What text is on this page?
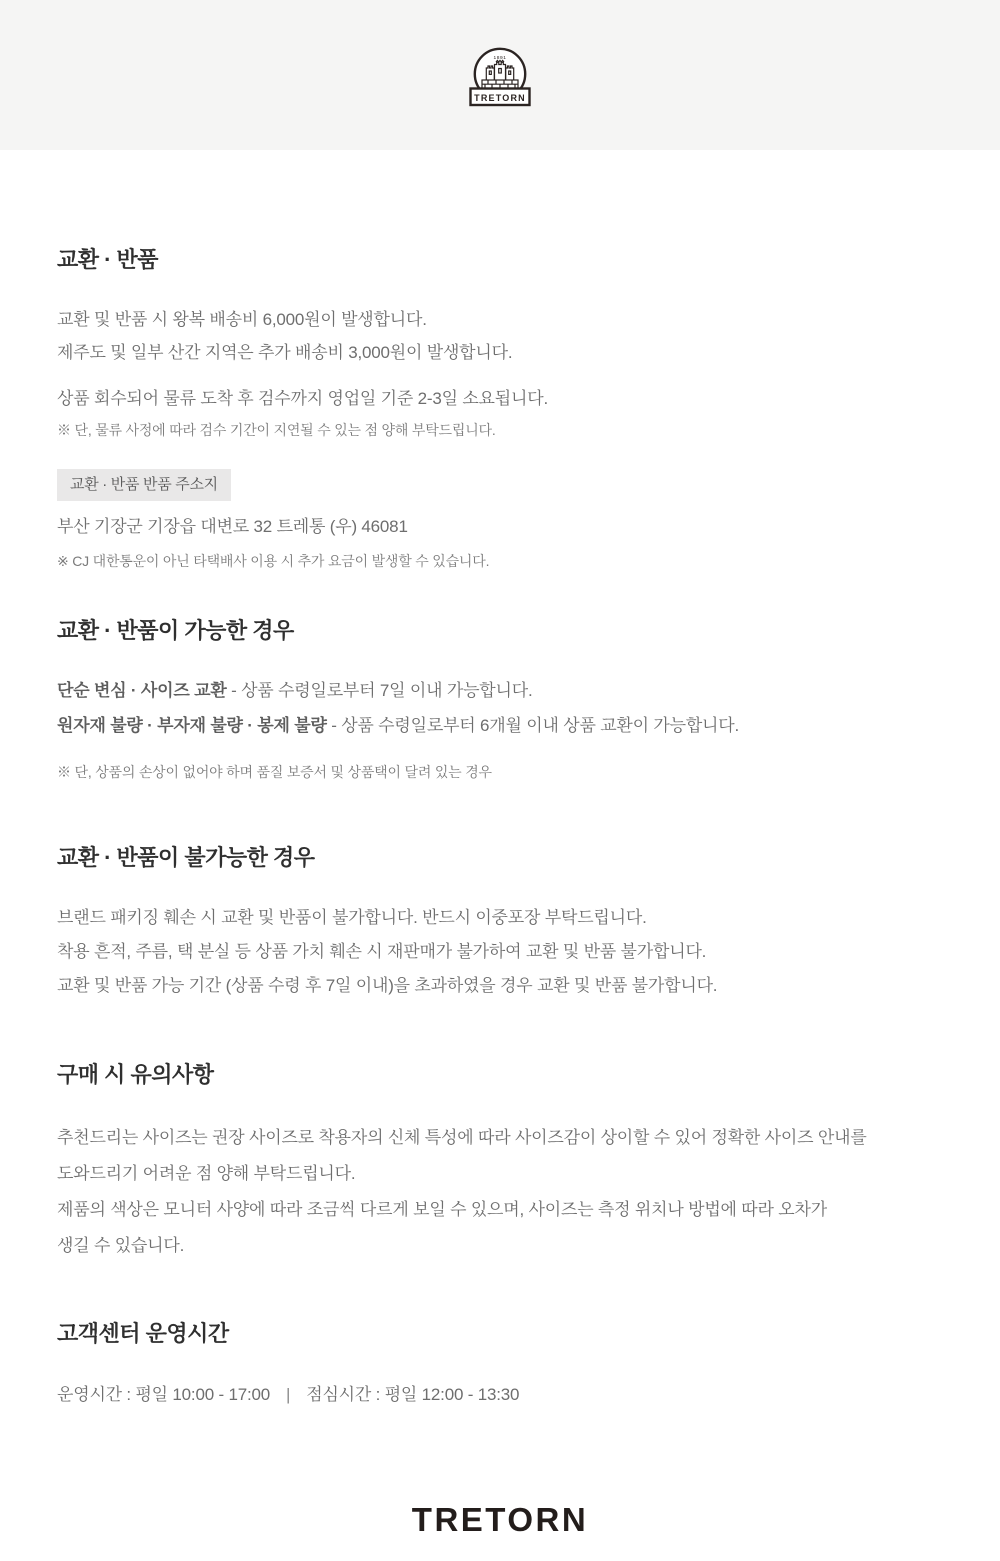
1891
TRETORN
교환 · 반품

교환 및 반품 시 왕복 배송비 6,000원이 발생합니다.
제주도 및 일부 산간 지역은 추가 배송비 3,000원이 발생합니다.

상품 회수되어 물류 도착 후 검수까지 영업일 기준 2-3일 소요됩니다.

※ 단, 물류 사정에 따라 검수 기간이 지연될 수 있는 점 양해 부탁드립니다.

교환 · 반품 반품 주소지

부산 기장군 기장읍 대변로 32 트레통 (우) 46081

※ CJ 대한통운이 아닌 타택배사 이용 시 추가 요금이 발생할 수 있습니다.

교환 · 반품이 가능한 경우

단순 변심 · 사이즈 교환 - 상품 수령일로부터 7일 이내 가능합니다.
원자재 불량 · 부자재 불량 · 봉제 불량 - 상품 수령일로부터 6개월 이내 상품 교환이 가능합니다.

※ 단, 상품의 손상이 없어야 하며 품질 보증서 및 상품택이 달려 있는 경우

교환 · 반품이 불가능한 경우

브랜드 패키징 훼손 시 교환 및 반품이 불가합니다. 반드시 이중포장 부탁드립니다.
착용 흔적, 주름, 택 분실 등 상품 가치 훼손 시 재판매가 불가하여 교환 및 반품 불가합니다.
교환 및 반품 가능 기간 (상품 수령 후 7일 이내)을 초과하였을 경우 교환 및 반품 불가합니다.

구매 시 유의사항

추천드리는 사이즈는 권장 사이즈로 착용자의 신체 특성에 따라 사이즈감이 상이할 수 있어 정확한 사이즈 안내를
도와드리기 어려운 점 양해 부탁드립니다.
제품의 색상은 모니터 사양에 따라 조금씩 다르게 보일 수 있으며, 사이즈는 측정 위치나 방법에 따라 오차가
생길 수 있습니다.

고객센터 운영시간

운영시간 : 평일 10:00 - 17:00 | 점심시간 : 평일 12:00 - 13:30

TRETORN
